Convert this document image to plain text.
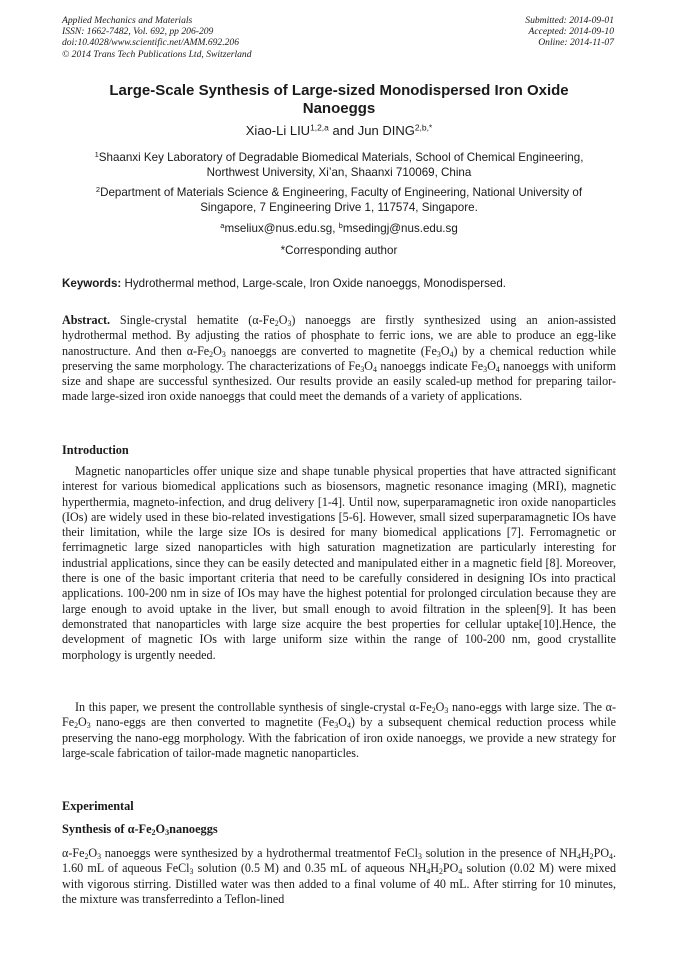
Applied Mechanics and Materials
ISSN: 1662-7482, Vol. 692, pp 206-209
doi:10.4028/www.scientific.net/AMM.692.206
© 2014 Trans Tech Publications Ltd, Switzerland
Submitted: 2014-09-01
Accepted: 2014-09-10
Online: 2014-11-07
Large-Scale Synthesis of Large-sized Monodispersed Iron Oxide
Nanoeggs
Xiao-Li LIU$^{1,2,a}$ and Jun $DING^{2,b,*}$
$^1$Shaanxi Key Laboratory of Degradable Biomedical Materials, School of Chemical Engineering,
Northwest University, Xi’an, Shaanxi 710069, China
$^2$Department of Materials Science & Engineering, Faculty of Engineering, National University of
Singapore, 7 Engineering Drive 1, 117574, Singapore.
$^a$mseliux@nus.edu.sg, $^b$msedingj@nus.edu.sg
*Corresponding author
Keywords: Hydrothermal method, Large-scale, Iron Oxide nanoeggs, Monodispersed.
Abstract. Single-crystal hematite $(\alpha-Fe_2O_3)$ nanoeggs are firstly synthesized using an anion-assisted hydrothermal method. By adjusting the ratios of phosphate to ferric ions, we are able to produce an egg-like nanostructure. And then $\alpha-Fe_2O_3$ nanoeggs are converted to magnetite $(Fe_3O_4)$ by a chemical reduction while preserving the same morphology. The characterizations of $Fe_3O_4$ nanoeggs indicate $Fe_3O_4$ nanoeggs with uniform size and shape are successful synthesized. Our results provide an easily scaled-up method for preparing tailor-made large-sized iron oxide nanoeggs that could meet the demands of a variety of applications.
Introduction
Magnetic nanoparticles offer unique size and shape tunable physical properties that have attracted significant interest for various biomedical applications such as biosensors, magnetic resonance imaging (MRI), magnetic hyperthermia, magneto-infection, and drug delivery [1-4]. Until now, superparamagnetic iron oxide nanoparticles (IOs) are widely used in these bio-related investigations [5-6]. However, small sized superparamagnetic IOs have their limitation, while the large size IOs is desired for many biomedical applications [7]. Ferromagnetic or ferrimagnetic large sized nanoparticles with high saturation magnetization are particularly interesting for industrial applications, since they can be easily detected and manipulated either in a magnetic field [8]. Moreover, there is one of the basic important criteria that need to be carefully considered in designing IOs into practical applications. 100-200 nm in size of IOs may have the highest potential for prolonged circulation because they are large enough to avoid uptake in the liver, but small enough to avoid filtration in the spleen[9]. It has been demonstrated that nanoparticles with large size acquire the best properties for cellular uptake[10].Hence, the development of magnetic IOs with large uniform size within the range of 100-200 nm, good crystallite morphology is urgently needed.
In this paper, we present the controllable synthesis of single-crystal $\alpha-Fe_2O_3$ nano-eggs with large size. The $\alpha-Fe_2O_3$ nano-eggs are then converted to magnetite $(Fe_3O_4)$ by a subsequent chemical reduction process while preserving the nano-egg morphology. With the fabrication of iron oxide nanoeggs, we provide a new strategy for large-scale fabrication of tailor-made magnetic nanoparticles.
Experimental
Synthesis of $\alpha-Fe_2O_3nanoeggs$
$\alpha-Fe_2O_3$ nanoeggs were synthesized by a hydrothermal treatmentof FeCl$_3$ solution in the presence of $NH_4H_2PO_4$. 1.60 mL of aqueous FeCl$_3$ solution (0.5 M) and 0.35 mL of aqueous $NH_4H_2PO_4$ solution (0.02 M) were mixed with vigorous stirring. Distilled water was then added to a final volume of 40 mL. After stirring for 10 minutes, the mixture was transferredinto a Teflon-lined
